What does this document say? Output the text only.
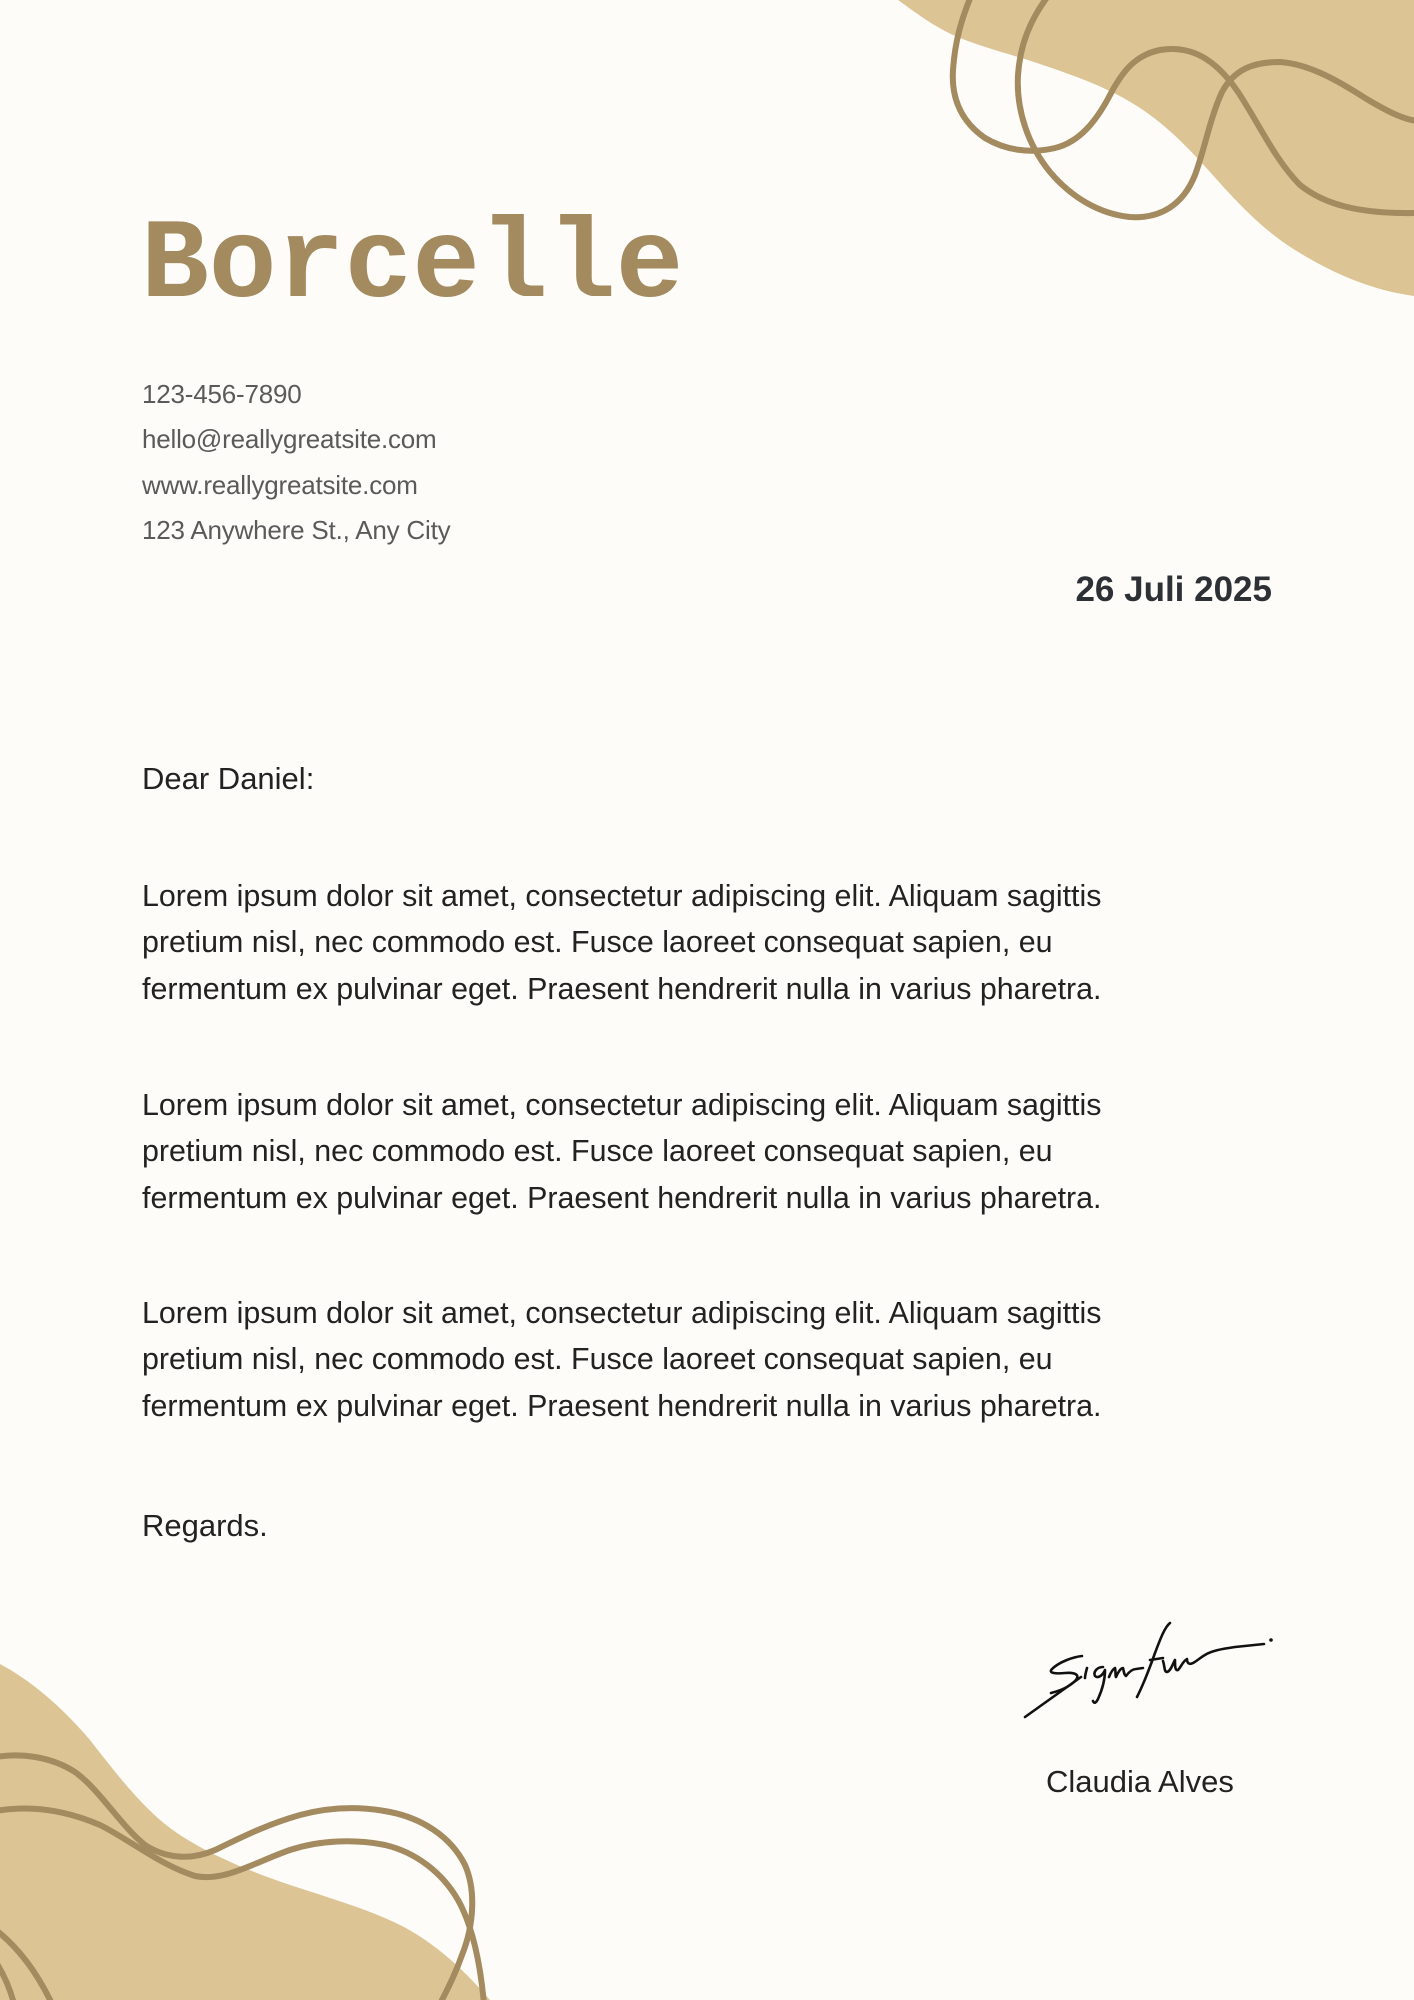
Borcelle
123-456-7890
hello@reallygreatsite.com
www.reallygreatsite.com
123 Anywhere St., Any City
26 Juli 2025
Dear Daniel:

Lorem ipsum dolor sit amet, consectetur adipiscing elit. Aliquam sagittis
pretium nisl, nec commodo est. Fusce laoreet consequat sapien, eu
fermentum ex pulvinar eget. Praesent hendrerit nulla in varius pharetra.

Lorem ipsum dolor sit amet, consectetur adipiscing elit. Aliquam sagittis
pretium nisl, nec commodo est. Fusce laoreet consequat sapien, eu
fermentum ex pulvinar eget. Praesent hendrerit nulla in varius pharetra.

Lorem ipsum dolor sit amet, consectetur adipiscing elit. Aliquam sagittis
pretium nisl, nec commodo est. Fusce laoreet consequat sapien, eu
fermentum ex pulvinar eget. Praesent hendrerit nulla in varius pharetra.

Regards.
Claudia Alves
